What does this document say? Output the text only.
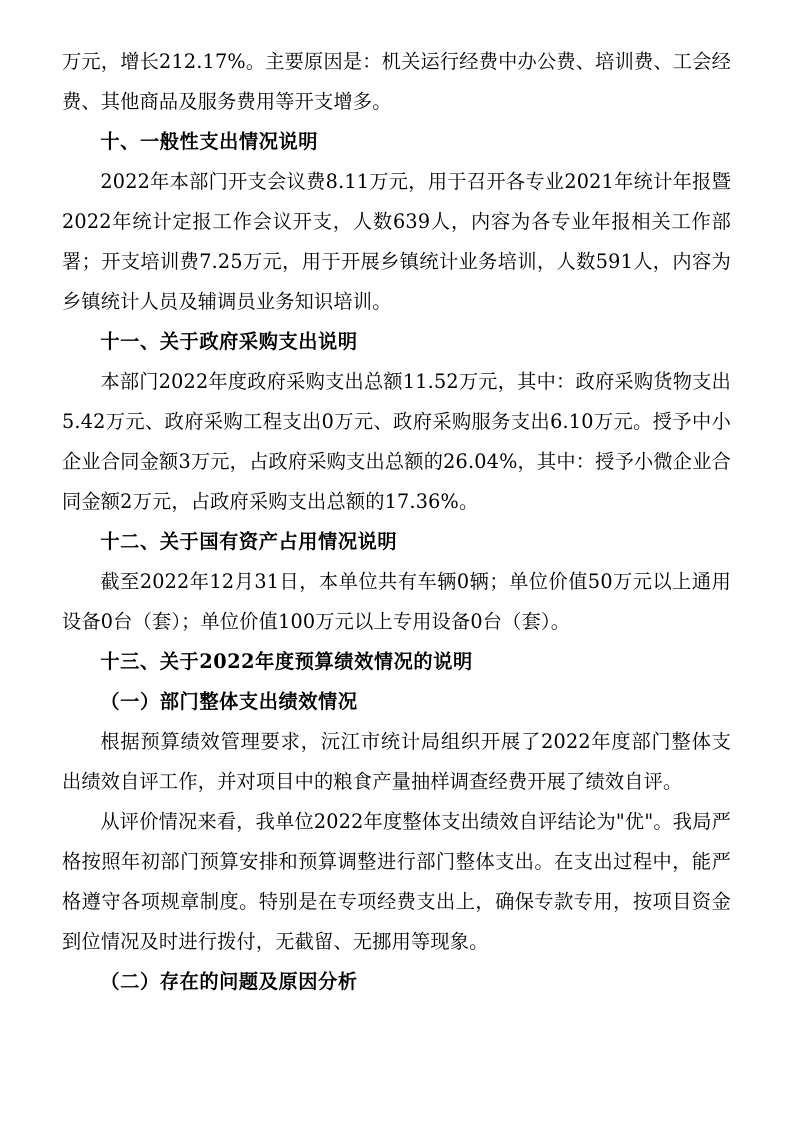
万元，增长212.17%。主要原因是：机关运行经费中办公费、培训费、工会经费、其他商品及服务费用等开支增多。

十、一般性支出情况说明

2022年本部门开支会议费8.11万元，用于召开各专业2021年统计年报暨2022年统计定报工作会议开支，人数639人，内容为各专业年报相关工作部署；开支培训费7.25万元，用于开展乡镇统计业务培训，人数591人，内容为乡镇统计人员及辅调员业务知识培训。

十一、关于政府采购支出说明

本部门2022年度政府采购支出总额11.52万元，其中：政府采购货物支出5.42万元、政府采购工程支出0万元、政府采购服务支出6.10万元。授予中小企业合同金额3万元，占政府采购支出总额的26.04%，其中：授予小微企业合同金额2万元，占政府采购支出总额的17.36%。

十二、关于国有资产占用情况说明

截至2022年12月31日，本单位共有车辆0辆；单位价值50万元以上通用设备0台（套）；单位价值100万元以上专用设备0台（套）。

十三、关于2022年度预算绩效情况的说明

（一）部门整体支出绩效情况

根据预算绩效管理要求，沅江市统计局组织开展了2022年度部门整体支出绩效自评工作，并对项目中的粮食产量抽样调查经费开展了绩效自评。

从评价情况来看，我单位2022年度整体支出绩效自评结论为"优"。我局严格按照年初部门预算安排和预算调整进行部门整体支出。在支出过程中，能严格遵守各项规章制度。特别是在专项经费支出上，确保专款专用，按项目资金到位情况及时进行拨付，无截留、无挪用等现象。

（二）存在的问题及原因分析
